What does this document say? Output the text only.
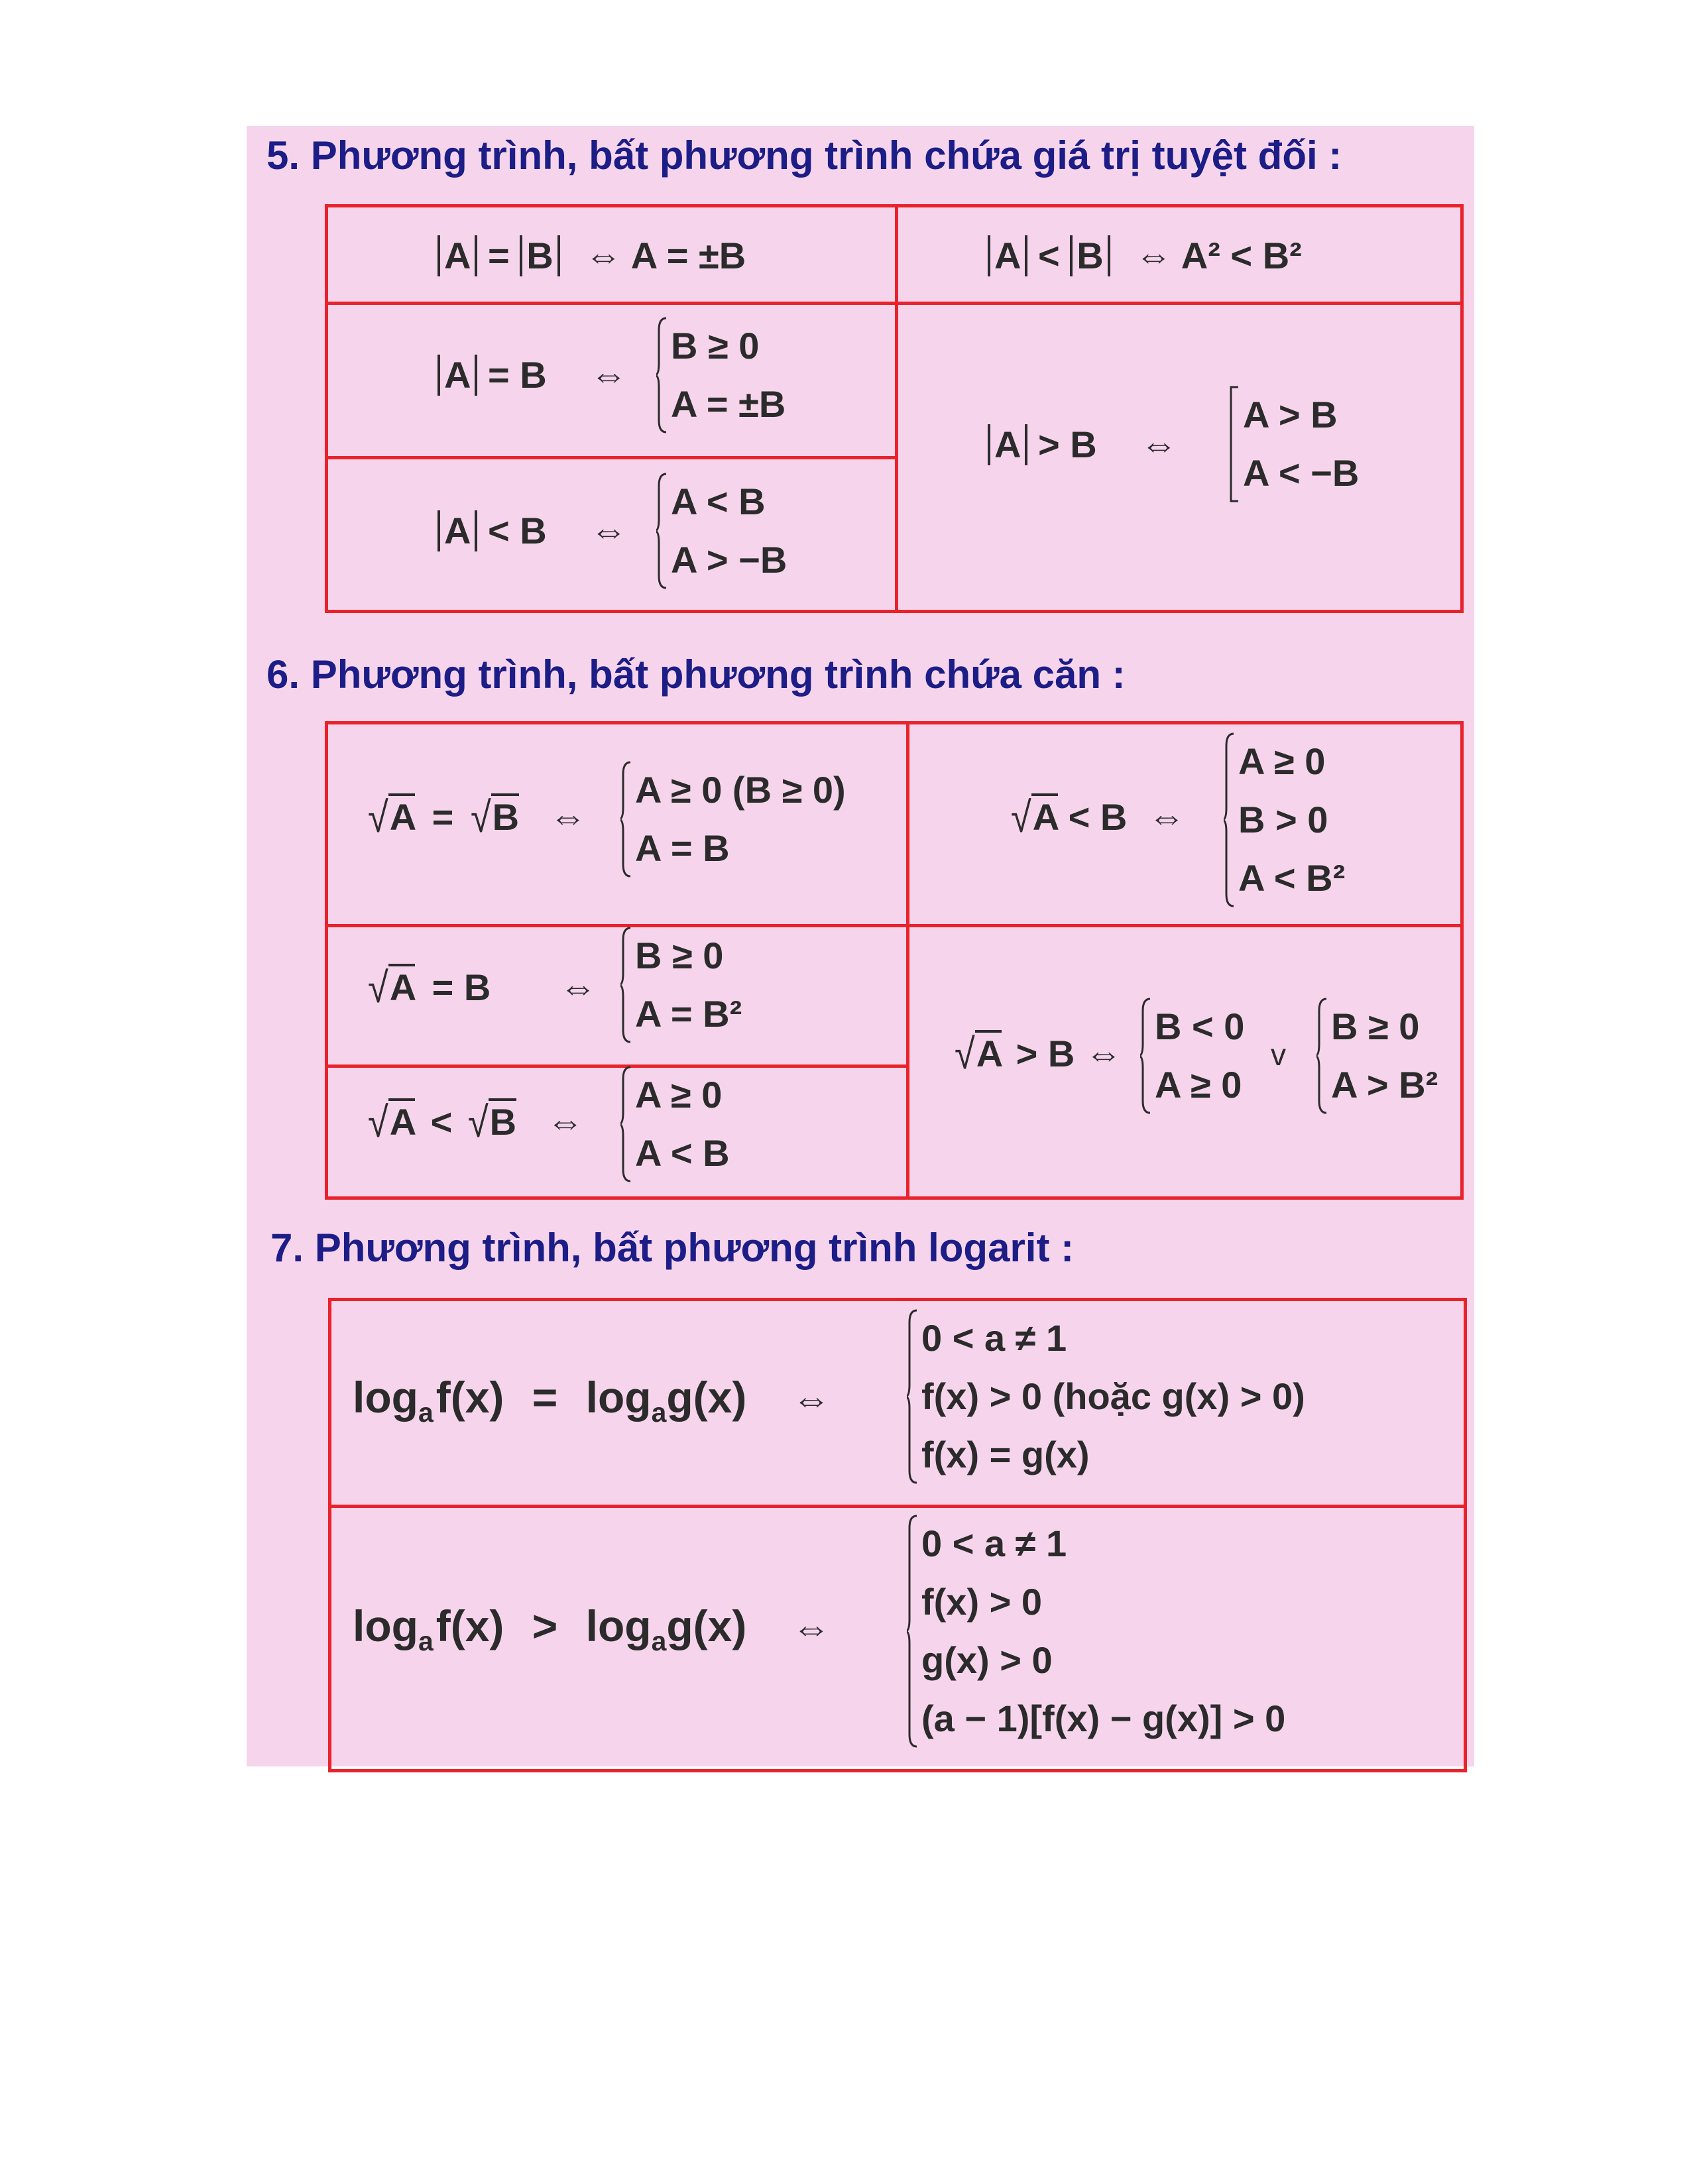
5. Phương trình, bất phương trình chứa giá trị tuyệt đối :
A = B ⇔ A = ±B	A < B ⇔ A² < B²
A = B ⇔
B ≥ 0
A = ±B
A < B ⇔
A < B
A > −B
A > B ⇔
A > B
A < −B
6. Phương trình, bất phương trình chứa căn :
√A = √B ⇔
A ≥ 0 (B ≥ 0)
A = B
√A < B ⇔
A ≥ 0
B > 0
A < B²
√A = B ⇔
B ≥ 0
A = B²
√A < √B ⇔
A ≥ 0
A < B
√A > B ⇔
B < 0
A ≥ 0
v
B ≥ 0
A > B²
7. Phương trình, bất phương trình logarit :
$\log_af(x) = \log_ag(x)$ ⇔
0 < a ≠ 1
f(x) > 0 (hoặc g(x) > 0)
f(x) = g(x)
$\log_af(x) > \log_ag(x)$ ⇔
0 < a ≠ 1
f(x) > 0
g(x) > 0
(a − 1)[f(x) − g(x)] > 0
